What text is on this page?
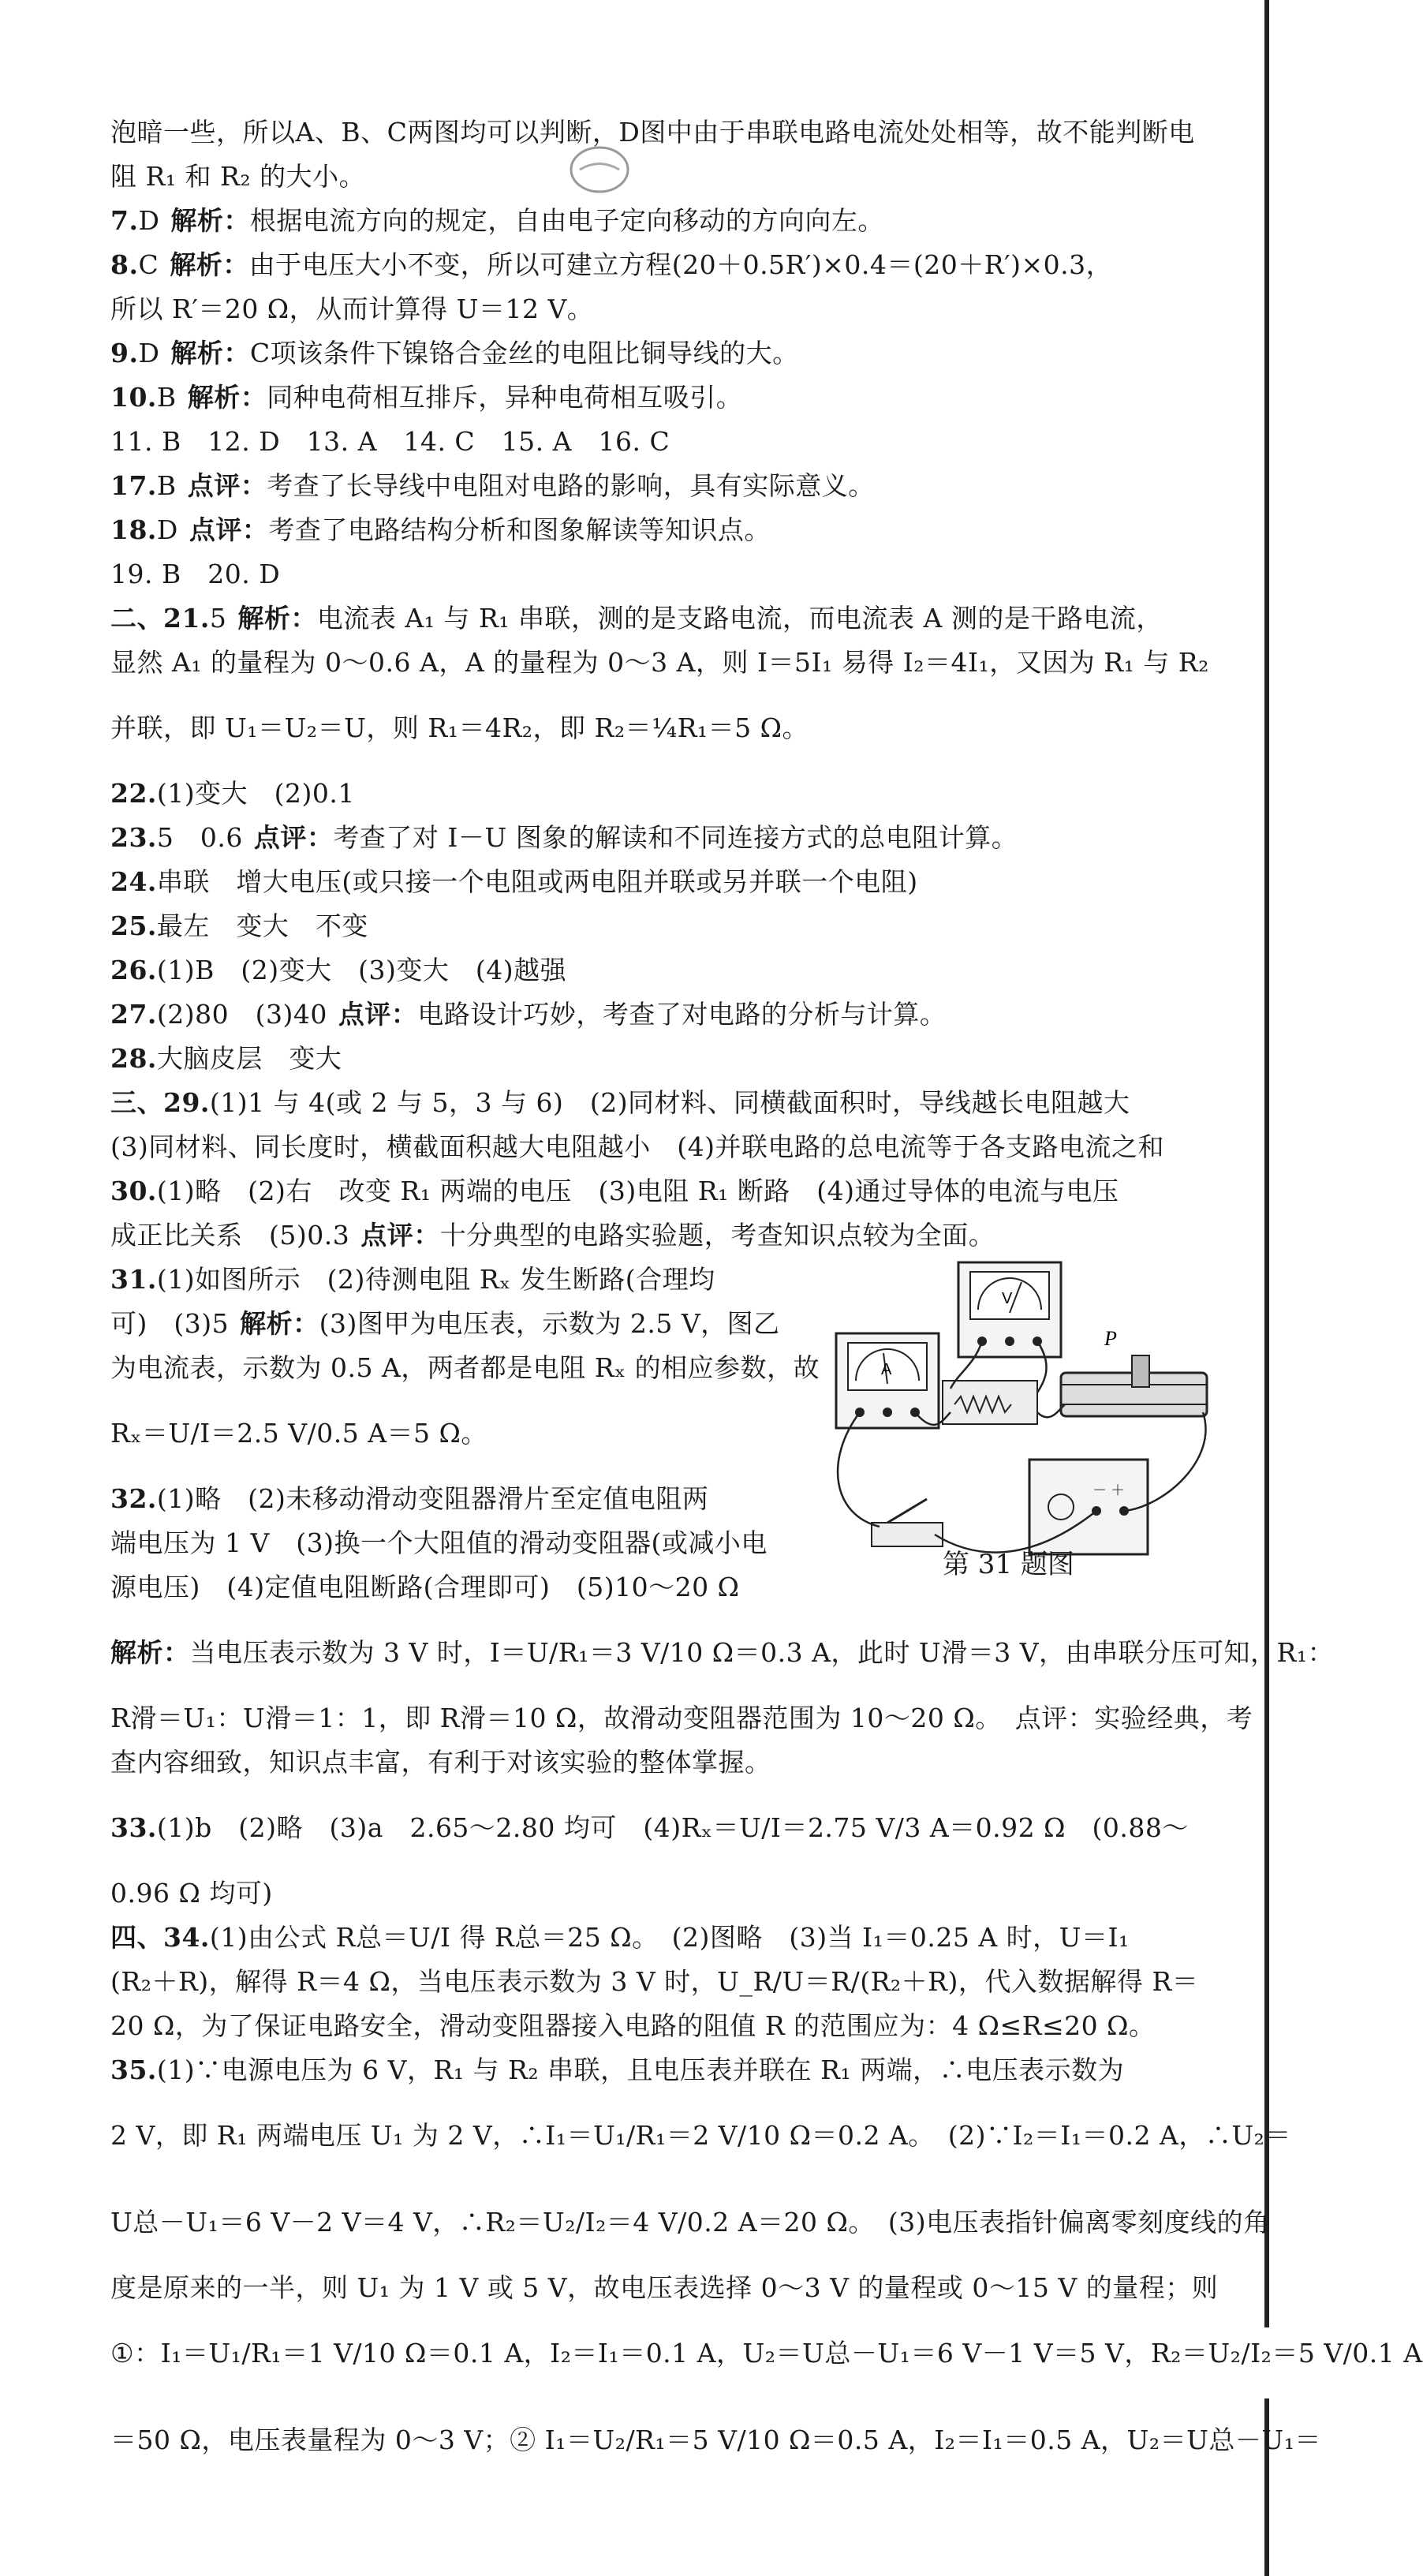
泡暗一些，所以A、B、C两图均可以判断，D图中由于串联电路电流处处相等，故不能判断电
阻 R₁ 和 R₂ 的大小。
7.D 解析：根据电流方向的规定，自由电子定向移动的方向向左。
8.C 解析：由于电压大小不变，所以可建立方程(20＋0.5R′)×0.4＝(20＋R′)×0.3，
所以 R′＝20 Ω，从而计算得 U＝12 V。
9.D 解析：C项该条件下镍铬合金丝的电阻比铜导线的大。
10.B 解析：同种电荷相互排斥，异种电荷相互吸引。
11. B　12. D　13. A　14. C　15. A　16. C
17.B 点评：考查了长导线中电阻对电路的影响，具有实际意义。
18.D 点评：考查了电路结构分析和图象解读等知识点。
19. B　20. D
二、21.5 解析：电流表 A₁ 与 R₁ 串联，测的是支路电流，而电流表 A 测的是干路电流，
显然 A₁ 的量程为 0～0.6 A，A 的量程为 0～3 A，则 I＝5I₁ 易得 I₂＝4I₁，又因为 R₁ 与 R₂
并联，即 U₁＝U₂＝U，则 R₁＝4R₂，即 R₂＝¼R₁＝5 Ω。
22.(1)变大　(2)0.1
23.5　0.6 点评：考查了对 I－U 图象的解读和不同连接方式的总电阻计算。
24.串联　增大电压(或只接一个电阻或两电阻并联或另并联一个电阻)
25.最左　变大　不变
26.(1)B　(2)变大　(3)变大　(4)越强
27.(2)80　(3)40 点评：电路设计巧妙，考查了对电路的分析与计算。
28.大脑皮层　变大
三、29.(1)1 与 4(或 2 与 5，3 与 6)　(2)同材料、同横截面积时，导线越长电阻越大
(3)同材料、同长度时，横截面积越大电阻越小　(4)并联电路的总电流等于各支路电流之和
30.(1)略　(2)右　改变 R₁ 两端的电压　(3)电阻 R₁ 断路　(4)通过导体的电流与电压
成正比关系　(5)0.3 点评：十分典型的电路实验题，考查知识点较为全面。
31.(1)如图所示　(2)待测电阻 Rₓ 发生断路(合理均
可)　(3)5 解析：(3)图甲为电压表，示数为 2.5 V，图乙
为电流表，示数为 0.5 A，两者都是电阻 Rₓ 的相应参数，故
Rₓ＝U/I＝2.5 V/0.5 A＝5 Ω。
32.(1)略　(2)未移动滑动变阻器滑片至定值电阻两
端电压为 1 V　(3)换一个大阻值的滑动变阻器(或减小电
源电压)　(4)定值电阻断路(合理即可)　(5)10～20 Ω
解析：当电压表示数为 3 V 时，I＝U/R₁＝3 V/10 Ω＝0.3 A，此时 U滑＝3 V，由串联分压可知，R₁：
R滑＝U₁：U滑＝1：1，即 R滑＝10 Ω，故滑动变阻器范围为 10～20 Ω。　点评：实验经典，考
查内容细致，知识点丰富，有利于对该实验的整体掌握。
33.(1)b　(2)略　(3)a　2.65～2.80 均可　(4)Rₓ＝U/I＝2.75 V/3 A＝0.92 Ω　(0.88～
0.96 Ω 均可)
四、34.(1)由公式 R总＝U/I 得 R总＝25 Ω。　(2)图略　(3)当 I₁＝0.25 A 时，U＝I₁
(R₂＋R)，解得 R＝4 Ω，当电压表示数为 3 V 时，U_R/U＝R/(R₂＋R)，代入数据解得 R＝
20 Ω，为了保证电路安全，滑动变阻器接入电路的阻值 R 的范围应为：4 Ω≤R≤20 Ω。
35.(1)∵电源电压为 6 V，R₁ 与 R₂ 串联，且电压表并联在 R₁ 两端，∴电压表示数为
2 V，即 R₁ 两端电压 U₁ 为 2 V，∴I₁＝U₁/R₁＝2 V/10 Ω＝0.2 A。　(2)∵I₂＝I₁＝0.2 A，∴U₂＝
U总－U₁＝6 V－2 V＝4 V，∴R₂＝U₂/I₂＝4 V/0.2 A＝20 Ω。　(3)电压表指针偏离零刻度线的角
度是原来的一半，则 U₁ 为 1 V 或 5 V，故电压表选择 0～3 V 的量程或 0～15 V 的量程；则
①：I₁＝U₁/R₁＝1 V/10 Ω＝0.1 A，I₂＝I₁＝0.1 A，U₂＝U总－U₁＝6 V－1 V＝5 V，R₂＝U₂/I₂＝5 V/0.1 A
＝50 Ω，电压表量程为 0～3 V；② I₁＝U₂/R₁＝5 V/10 Ω＝0.5 A，I₂＝I₁＝0.5 A，U₂＝U总－U₁＝
V
A
P
－ ＋
第 31 题图
